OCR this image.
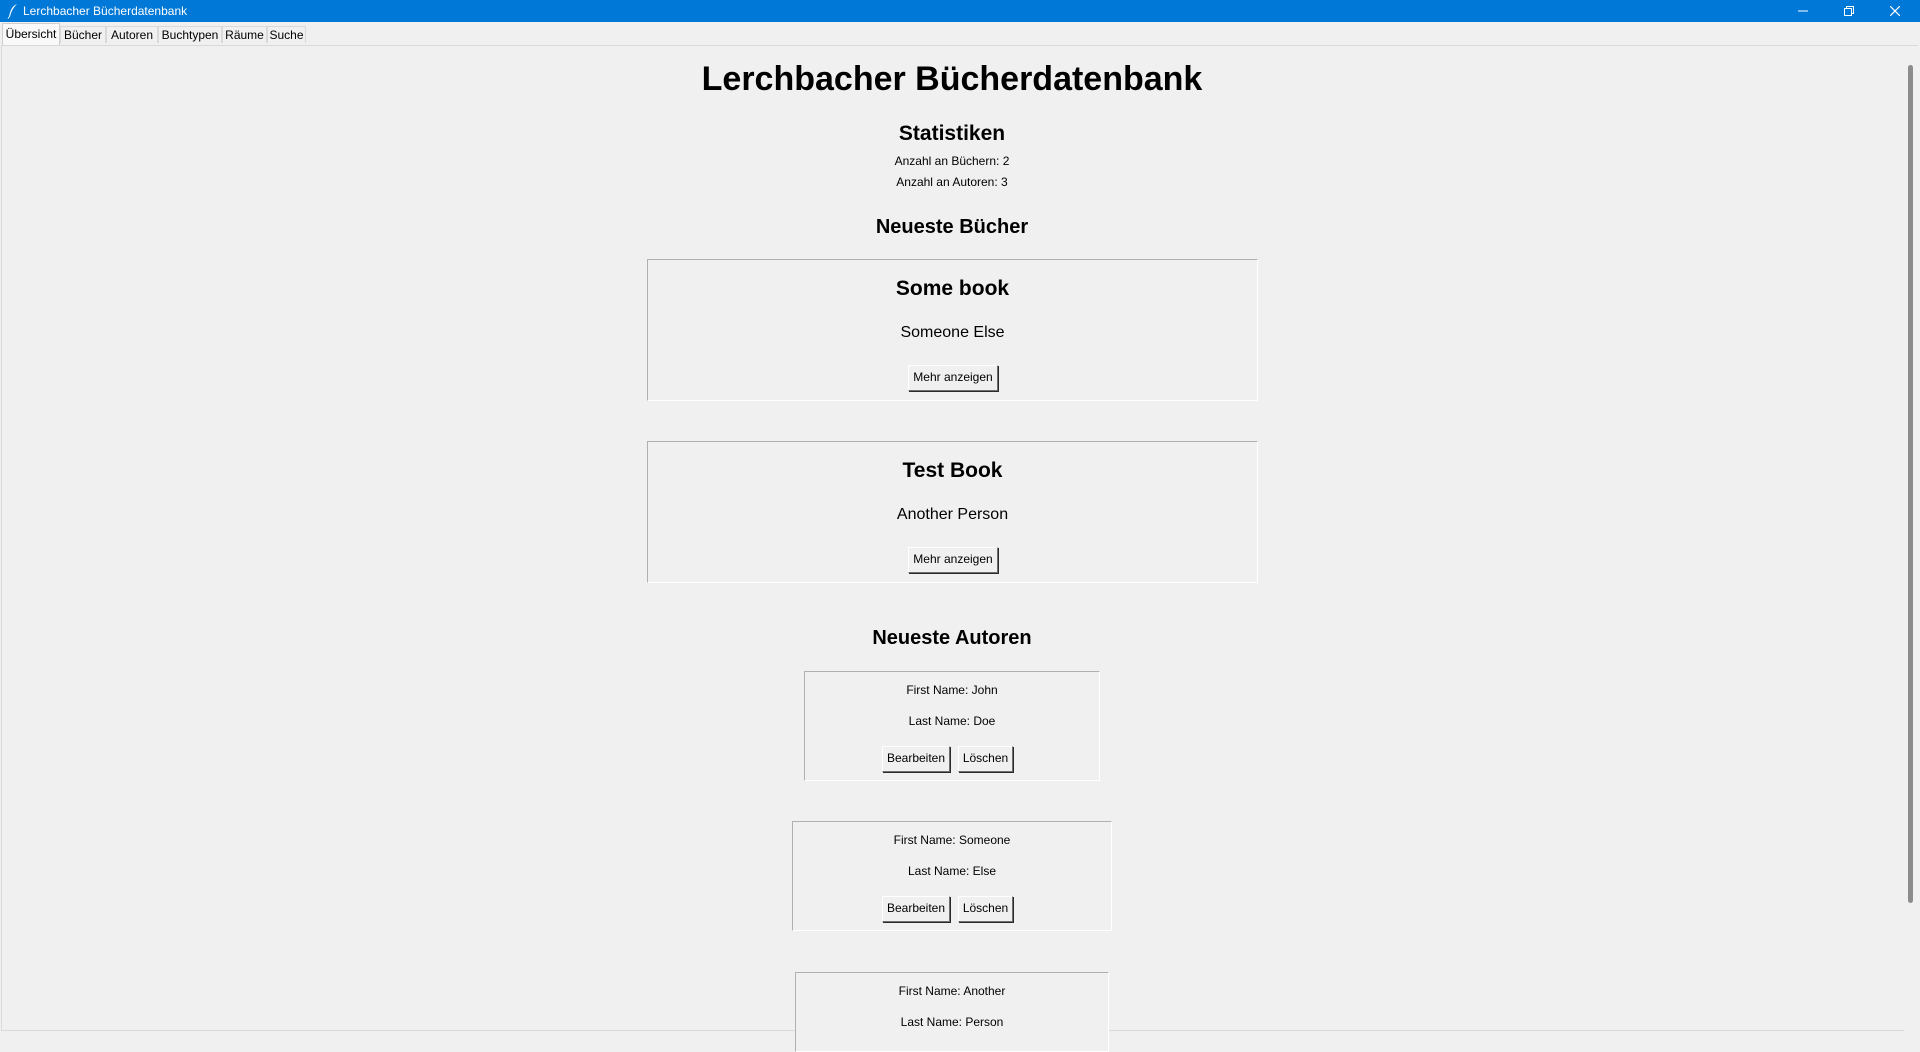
Lerchbacher Bücherdatenbank
Übersicht Bücher Autoren Buchtypen Räume Suche
Lerchbacher Bücherdatenbank
Statistiken
Anzahl an Büchern: 2
Anzahl an Autoren: 3
Neueste Bücher
Some book
Someone Else
Mehr anzeigen
Test Book
Another Person
Mehr anzeigen
Neueste Autoren
First Name: John
Last Name: Doe
Bearbeiten	Löschen
First Name: Someone
Last Name: Else
Bearbeiten	Löschen
First Name: Another
Last Name: Person
